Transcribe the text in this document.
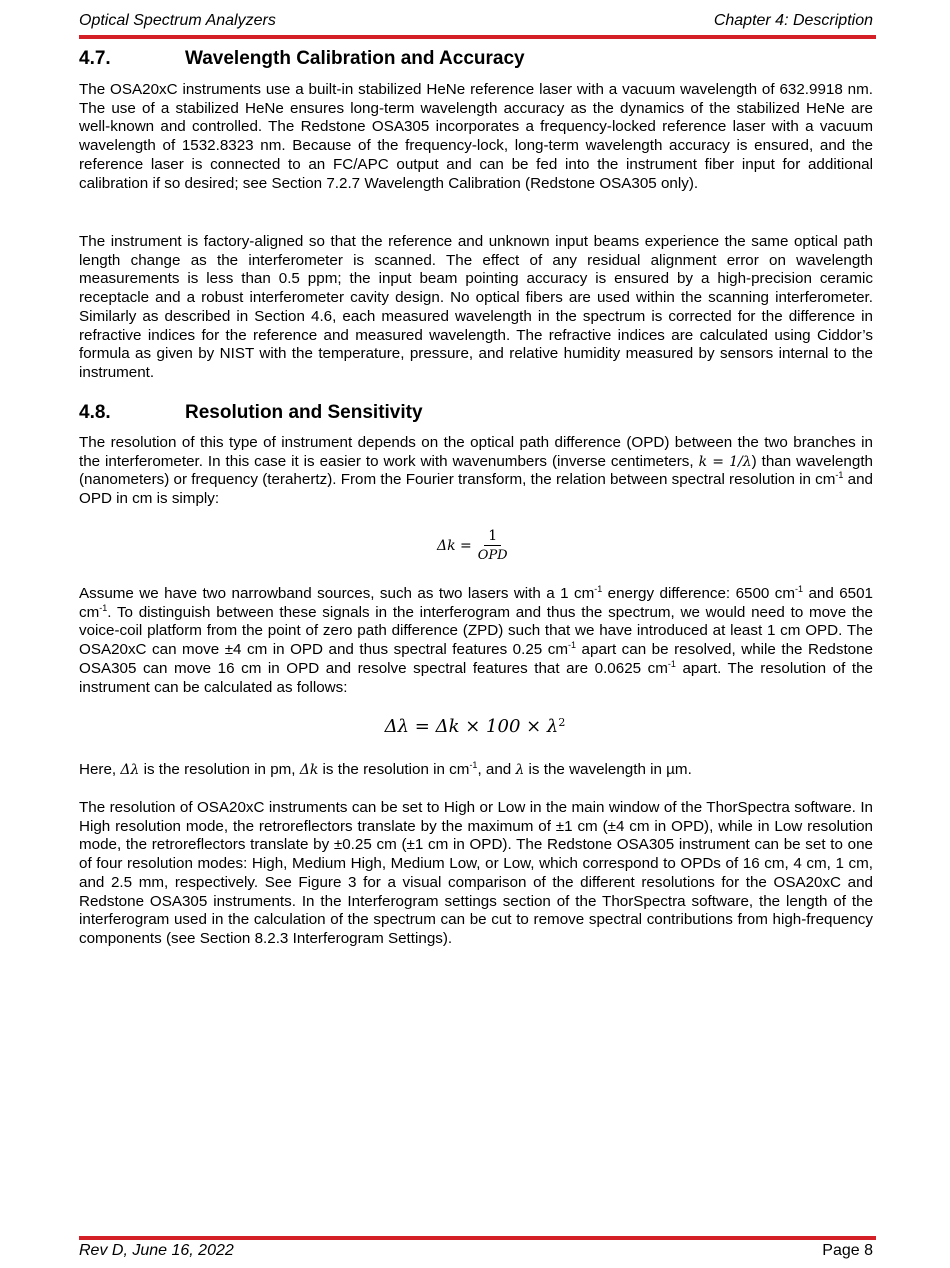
Optical Spectrum Analyzers	Chapter 4: Description
4.7.	Wavelength Calibration and Accuracy

The OSA20xC instruments use a built-in stabilized HeNe reference laser with a vacuum wavelength of 632.9918 nm. The use of a stabilized HeNe ensures long-term wavelength accuracy as the dynamics of the stabilized HeNe are well-known and controlled. The Redstone OSA305 incorporates a frequency-locked reference laser with a vacuum wavelength of 1532.8323 nm. Because of the frequency-lock, long-term wavelength accuracy is ensured, and the reference laser is connected to an FC/APC output and can be fed into the instrument fiber input for additional calibration if so desired; see Section 7.2.7 Wavelength Calibration (Redstone OSA305 only).

The instrument is factory-aligned so that the reference and unknown input beams experience the same optical path length change as the interferometer is scanned. The effect of any residual alignment error on wavelength measurements is less than 0.5 ppm; the input beam pointing accuracy is ensured by a high-precision ceramic receptacle and a robust interferometer cavity design. No optical fibers are used within the scanning interferometer. Similarly as described in Section 4.6, each measured wavelength in the spectrum is corrected for the difference in refractive indices for the reference and measured wavelength. The refractive indices are calculated using Ciddor’s formula as given by NIST with the temperature, pressure, and relative humidity measured by sensors internal to the instrument.

4.8.	Resolution and Sensitivity

The resolution of this type of instrument depends on the optical path difference (OPD) between the two branches in the interferometer. In this case it is easier to work with wavenumbers (inverse centimeters, k = 1/λ) than wavelength (nanometers) or frequency (terahertz). From the Fourier transform, the relation between spectral resolution in $cm^{-1}$ and OPD in cm is simply:

$\Delta k = \frac{1}{\text{OPD}}$

Assume we have two narrowband sources, such as two lasers with a 1 $cm^{-1}$ energy difference: 6500 $cm^{-1}$ and 6501 $cm^{-1}$. To distinguish between these signals in the interferogram and thus the spectrum, we would need to move the voice-coil platform from the point of zero path difference (ZPD) such that we have introduced at least 1 cm OPD. The OSA20xC can move ±4 cm in OPD and thus spectral features 0.25 $cm^{-1}$ apart can be resolved, while the Redstone OSA305 can move 16 cm in OPD and resolve spectral features that are 0.0625 $cm^{-1}$ apart. The resolution of the instrument can be calculated as follows:

$\Delta\lambda = \Delta k \times 100 \times \lambda^2$

Here, Δλ is the resolution in pm, Δk is the resolution in $cm^{-1}$, and λ is the wavelength in µm.

The resolution of OSA20xC instruments can be set to High or Low in the main window of the ThorSpectra software. In High resolution mode, the retroreflectors translate by the maximum of ±1 cm (±4 cm in OPD), while in Low resolution mode, the retroreflectors translate by ±0.25 cm (±1 cm in OPD). The Redstone OSA305 instrument can be set to one of four resolution modes: High, Medium High, Medium Low, or Low, which correspond to OPDs of 16 cm, 4 cm, 1 cm, and 2.5 mm, respectively. See Figure 3 for a visual comparison of the different resolutions for the OSA20xC and Redstone OSA305 instruments. In the Interferogram settings section of the ThorSpectra software, the length of the interferogram used in the calculation of the spectrum can be cut to remove spectral contributions from high-frequency components (see Section 8.2.3 Interferogram Settings).

Rev D, June 16, 2022	Page 8
